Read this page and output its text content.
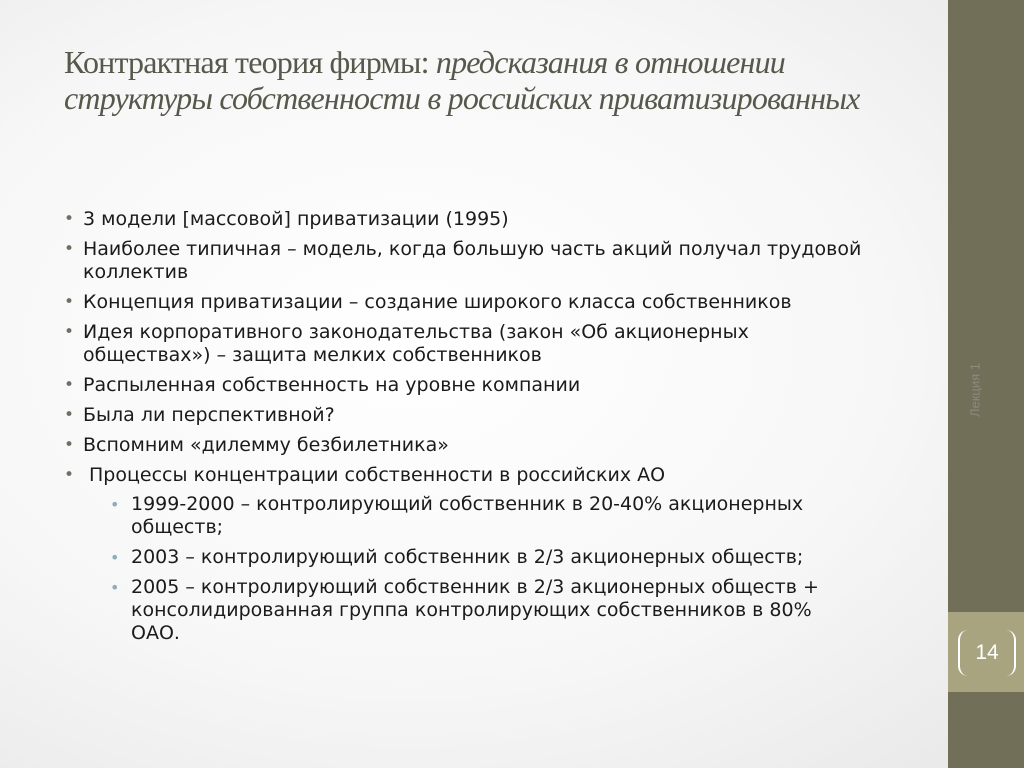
14
Лекция 1
Контрактная теория фирмы: предсказания в отношении структуры собственности в российских приватизированных
• 3 модели [массовой] приватизации (1995)
• Наиболее типичная – модель, когда большую часть акций получал трудовой коллектив
• Концепция приватизации – создание широкого класса собственников
• Идея корпоративного законодательства (закон «Об акционерных обществах») – защита мелких собственников
• Распыленная собственность на уровне компании
• Была ли перспективной?
• Вспомним «дилемму безбилетника»
• Процессы концентрации собственности в российских АО
• 1999-2000 – контролирующий собственник в 20-40% акционерных обществ;
• 2003 – контролирующий собственник в 2/3 акционерных обществ;
• 2005 – контролирующий собственник в 2/3 акционерных обществ + консолидированная группа контролирующих собственников в 80% ОАО.
